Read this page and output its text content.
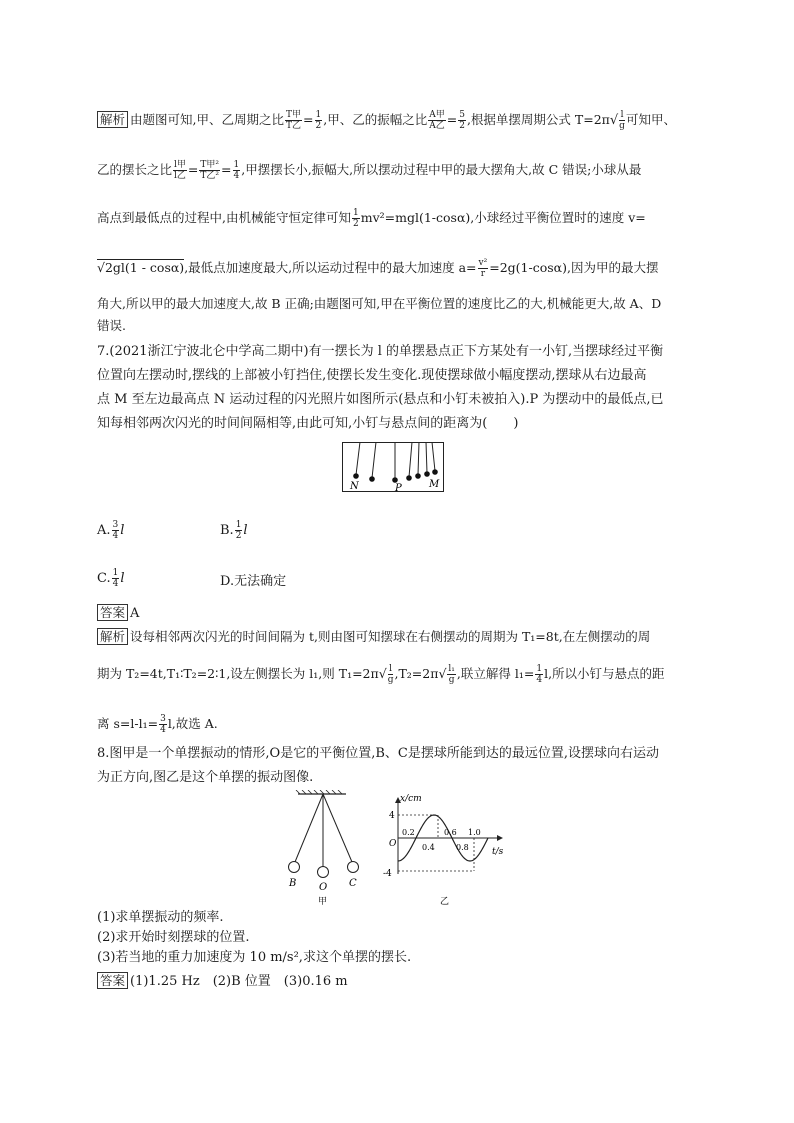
解析 由题图可知,甲、乙周期之比 $\frac{\text{T甲}}{\text{T乙}} = \frac{1}{2}$ ,甲、乙的振幅之比 $\frac{\text{A甲}}{\text{A乙}} = \frac{5}{2}$ ,根据单摆周期公式 $T=2\pi√ \frac{l}{g}$ 可知甲、
乙的摆长之比 $\frac{\text{l甲}}{\text{l乙}} = \frac{\text{T甲²}}{\text{T乙²}} = \frac{1}{4}$ ,甲摆摆长小,振幅大,所以摆动过程中甲的最大摆角大,故 C 错误;小球从最
高点到最低点的过程中,由机械能守恒定律可知 $\frac{1}{2} mv^2=mgl(1-\cos\alpha)$,小球经过平衡位置时的速度 v=
√2gl(1 - cosα),最低点加速度最大,所以运动过程中的最大加速度 $a= \frac{\text{v²}}{r} =2g(1-\cos\alpha)$,因为甲的最大摆
角大,所以甲的最大加速度大,故 B 正确;由题图可知,甲在平衡位置的速度比乙的大,机械能更大,故 A、D
错误.
7.(2021浙江宁波北仑中学高二期中)有一摆长为 l 的单摆悬点正下方某处有一小钉,当摆球经过平衡
位置向左摆动时,摆线的上部被小钉挡住,使摆长发生变化.现使摆球做小幅度摆动,摆球从右边最高
点 M 至左边最高点 N 运动过程的闪光照片如图所示(悬点和小钉未被拍入).P 为摆动中的最低点,已
知每相邻两次闪光的时间间隔相等,由此可知,小钉与悬点间的距离为(　　)
N	P	M
A. $\frac{3}{4}$ l	B. $\frac{1}{2}$ l
C. $\frac{1}{4}$ l	D.无法确定
答案 A
解析 设每相邻两次闪光的时间间隔为 t,则由图可知摆球在右侧摆动的周期为 T₁=8t,在左侧摆动的周
期为 T₂=4t,T₁∶T₂=2∶1,设左侧摆长为 l₁,则 $T_1=2\pi√ \frac{l}{g} ,T_2=2\pi√ \frac{\text{l₁}}{g}$ ,联立解得 $l_1= \frac{1}{4} l$,所以小钉与悬点的距
离 $s=l-l_1= \frac{3}{4} l$,故选 A.
8.图甲是一个单摆振动的情形,O是它的平衡位置,B、C是摆球所能到达的最远位置,设摆球向右运动
为正方向,图乙是这个单摆的振动图像.
B O C
甲
x/cm
t/s
4
-4
O
0.2
0.4
0.6
0.8
1.0
乙
(1)求单摆振动的频率.
(2)求开始时刻摆球的位置.
(3)若当地的重力加速度为 10 m/s²,求这个单摆的摆长.
答案 (1)1.25 Hz　(2)B 位置　(3)0.16 m
